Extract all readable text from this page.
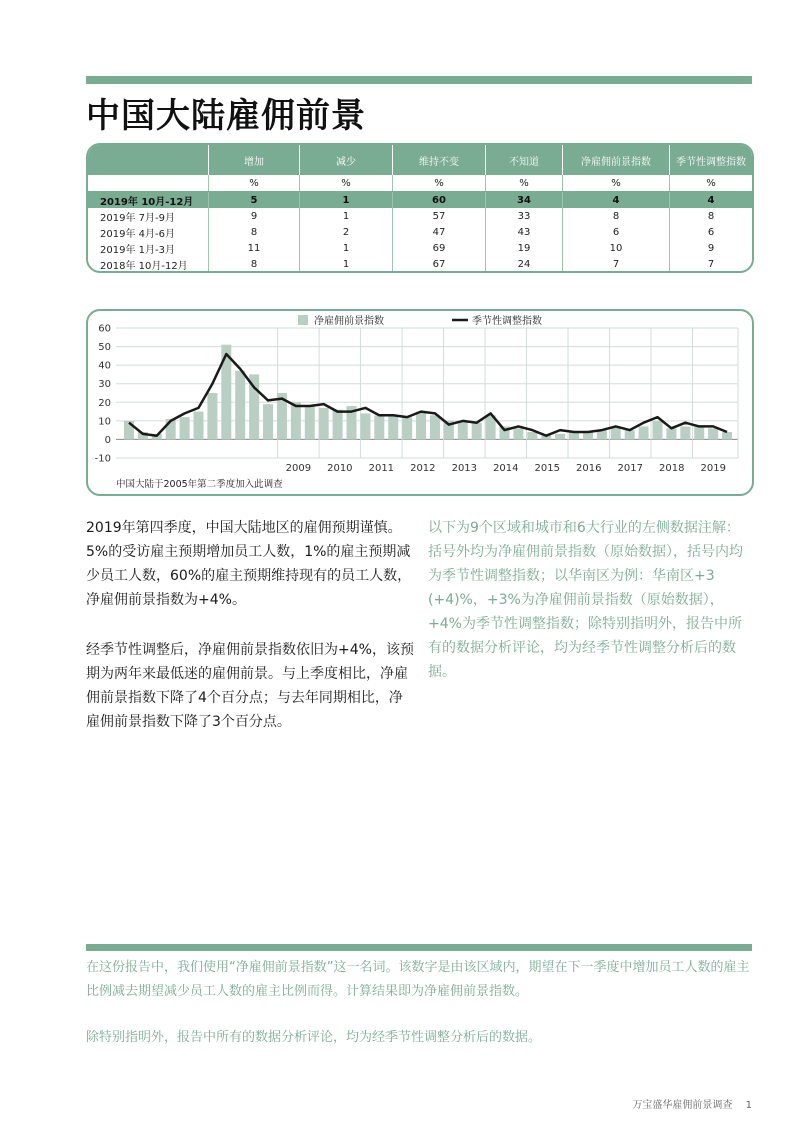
中国大陆雇佣前景
	增加	减少	维持不变	不知道	净雇佣前景指数	季节性调整指数
	%	%	%	%	%	%
2019年 10月-12月	5	1	60	34	4	4
2019年 7月-9月	9	1	57	33	8	8
2019年 4月-6月	8	2	47	43	6	6
2019年 1月-3月	11	1	69	19	10	9
2018年 10月-12月	8	1	67	24	7	7
60
50
40
30
20
10
0
-10
2009 2010 2011 2012 2013 2014 2015 2016 2017 2018 2019
净雇佣前景指数	季节性调整指数
中国大陆于2005年第二季度加入此调查

2019年第四季度，中国大陆地区的雇佣预期谨慎。5%的受访雇主预期增加员工人数，1%的雇主预期减少员工人数，60%的雇主预期维持现有的员工人数，净雇佣前景指数为+4%。

经季节性调整后，净雇佣前景指数依旧为+4%，该预期为两年来最低迷的雇佣前景。与上季度相比，净雇佣前景指数下降了4个百分点；与去年同期相比，净雇佣前景指数下降了3个百分点。

以下为9个区域和城市和6大行业的左侧数据注解：括号外均为净雇佣前景指数（原始数据），括号内均为季节性调整指数；以华南区为例：华南区+3 (+4)%，+3%为净雇佣前景指数（原始数据），+4%为季节性调整指数；除特别指明外，报告中所有的数据分析评论，均为经季节性调整分析后的数据。

在这份报告中，我们使用“净雇佣前景指数”这一名词。该数字是由该区域内，期望在下一季度中增加员工人数的雇主比例减去期望减少员工人数的雇主比例而得。计算结果即为净雇佣前景指数。

除特别指明外，报告中所有的数据分析评论，均为经季节性调整分析后的数据。

万宝盛华雇佣前景调查 1
